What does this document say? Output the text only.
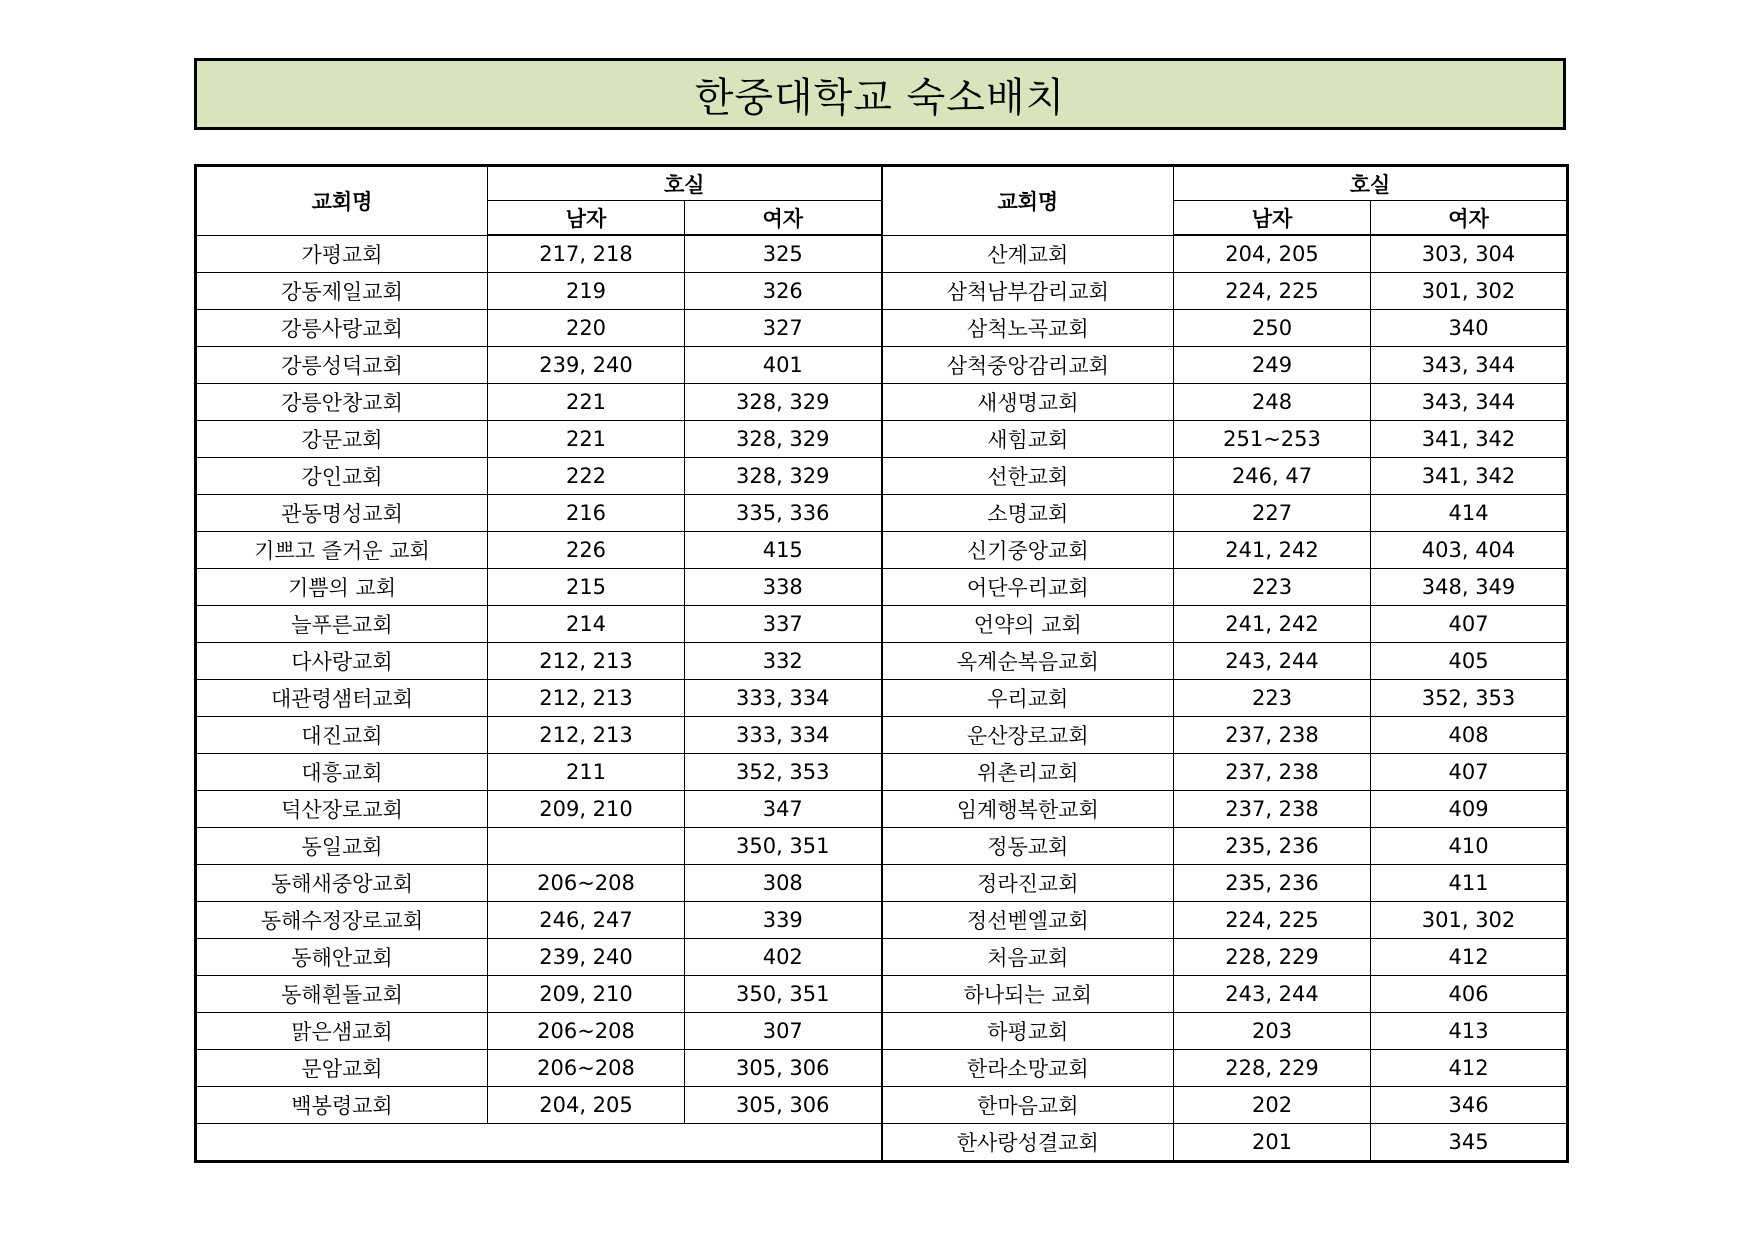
한중대학교 숙소배치
교회명	호실		교회명	호실	
	남자	여자		남자	여자
가평교회	217, 218	325	산계교회	204, 205	303, 304
강동제일교회	219	326	삼척남부감리교회	224, 225	301, 302
강릉사랑교회	220	327	삼척노곡교회	250	340
강릉성덕교회	239, 240	401	삼척중앙감리교회	249	343, 344
강릉안창교회	221	328, 329	새생명교회	248	343, 344
강문교회	221	328, 329	새힘교회	251~253	341, 342
강인교회	222	328, 329	선한교회	246, 47	341, 342
관동명성교회	216	335, 336	소명교회	227	414
기쁘고 즐거운 교회	226	415	신기중앙교회	241, 242	403, 404
기쁨의 교회	215	338	어단우리교회	223	348, 349
늘푸른교회	214	337	언약의 교회	241, 242	407
다사랑교회	212, 213	332	옥계순복음교회	243, 244	405
대관령샘터교회	212, 213	333, 334	우리교회	223	352, 353
대진교회	212, 213	333, 334	운산장로교회	237, 238	408
대흥교회	211	352, 353	위촌리교회	237, 238	407
덕산장로교회	209, 210	347	임계행복한교회	237, 238	409
동일교회		350, 351	정동교회	235, 236	410
동해새중앙교회	206~208	308	정라진교회	235, 236	411
동해수정장로교회	246, 247	339	정선벧엘교회	224, 225	301, 302
동해안교회	239, 240	402	처음교회	228, 229	412
동해흰돌교회	209, 210	350, 351	하나되는 교회	243, 244	406
맑은샘교회	206~208	307	하평교회	203	413
문암교회	206~208	305, 306	한라소망교회	228, 229	412
백봉령교회	204, 205	305, 306	한마음교회	202	346
			한사랑성결교회	201	345
